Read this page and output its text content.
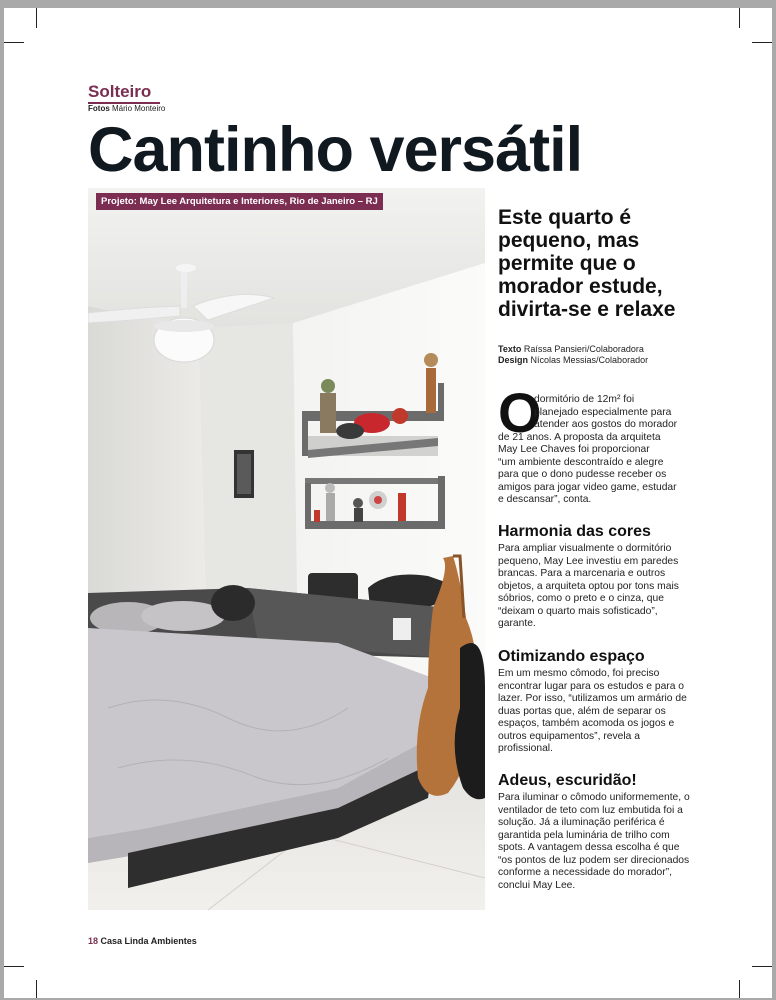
Solteiro
Fotos Mário Monteiro
Cantinho versátil
Projeto: May Lee Arquitetura e Interiores, Rio de Janeiro – RJ
Este quarto é pequeno, mas permite que o morador estude, divirta-se e relaxe
Texto Raíssa Pansieri/Colaboradora
Design Nícolas Messias/Colaborador
O
dormitório de 12m² foi
planejado especialmente para
atender aos gostos do morador
de 21 anos. A proposta da arquiteta
May Lee Chaves foi proporcionar
“um ambiente descontraído e alegre
para que o dono pudesse receber os
amigos para jogar video game, estudar
e descansar”, conta.
Harmonia das cores
Para ampliar visualmente o dormitório pequeno, May Lee investiu em paredes brancas. Para a marcenaria e outros objetos, a arquiteta optou por tons mais sóbrios, como o preto e o cinza, que “deixam o quarto mais sofisticado”, garante.
Otimizando espaço
Em um mesmo cômodo, foi preciso encontrar lugar para os estudos e para o lazer. Por isso, “utilizamos um armário de duas portas que, além de separar os espaços, também acomoda os jogos e outros equipamentos”, revela a profissional.
Adeus, escuridão!
Para iluminar o cômodo uniformemente, o ventilador de teto com luz embutida foi a solução. Já a iluminação periférica é garantida pela luminária de trilho com spots. A vantagem dessa escolha é que “os pontos de luz podem ser direcionados conforme a necessidade do morador”, conclui May Lee.
18 Casa Linda Ambientes
